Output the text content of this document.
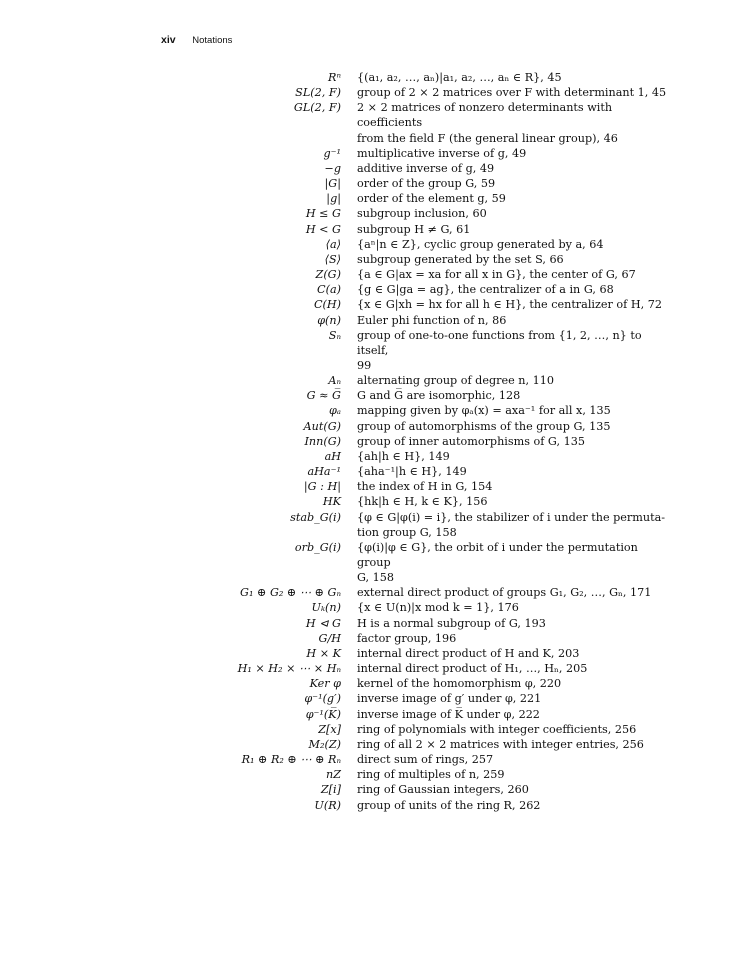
xiv Notations
Rⁿ {(a₁, a₂, …, aₙ)|a₁, a₂, …, aₙ ∈ R}, 45
SL(2, F) group of 2 × 2 matrices over F with determinant 1, 45
GL(2, F) 2 × 2 matrices of nonzero determinants with coefficients
from the field F (the general linear group), 46
g⁻¹ multiplicative inverse of g, 49
−g additive inverse of g, 49
|G| order of the group G, 59
|g| order of the element g, 59
H ≤ G subgroup inclusion, 60
H < G subgroup H ≠ G, 61
⟨a⟩ {aⁿ|n ∈ Z}, cyclic group generated by a, 64
⟨S⟩ subgroup generated by the set S, 66
Z(G) {a ∈ G|ax = xa for all x in G}, the center of G, 67
C(a) {g ∈ G|ga = ag}, the centralizer of a in G, 68
C(H) {x ∈ G|xh = hx for all h ∈ H}, the centralizer of H, 72
φ(n) Euler phi function of n, 86
Sₙ group of one-to-one functions from {1, 2, …, n} to itself,
99
Aₙ alternating group of degree n, 110
G ≈ G̅ G and G̅ are isomorphic, 128
φₐ mapping given by φₐ(x) = axa⁻¹ for all x, 135
Aut(G) group of automorphisms of the group G, 135
Inn(G) group of inner automorphisms of G, 135
aH {ah|h ∈ H}, 149
aHa⁻¹ {aha⁻¹|h ∈ H}, 149
|G : H| the index of H in G, 154
HK {hk|h ∈ H, k ∈ K}, 156
stab_G(i) {φ ∈ G|φ(i) = i}, the stabilizer of i under the permuta-
tion group G, 158
orb_G(i) {φ(i)|φ ∈ G}, the orbit of i under the permutation group
G, 158
G₁ ⊕ G₂ ⊕ ⋯ ⊕ Gₙ external direct product of groups G₁, G₂, …, Gₙ, 171
Uₖ(n) {x ∈ U(n)|x mod k = 1}, 176
H ⊲ G H is a normal subgroup of G, 193
G/H factor group, 196
H × K internal direct product of H and K, 203
H₁ × H₂ × ⋯ × Hₙ internal direct product of H₁, …, Hₙ, 205
Ker φ kernel of the homomorphism φ, 220
φ⁻¹(g′) inverse image of g′ under φ, 221
φ⁻¹(K̅) inverse image of K̅ under φ, 222
Z[x] ring of polynomials with integer coefficients, 256
M₂(Z) ring of all 2 × 2 matrices with integer entries, 256
R₁ ⊕ R₂ ⊕ ⋯ ⊕ Rₙ direct sum of rings, 257
nZ ring of multiples of n, 259
Z[i] ring of Gaussian integers, 260
U(R) group of units of the ring R, 262
